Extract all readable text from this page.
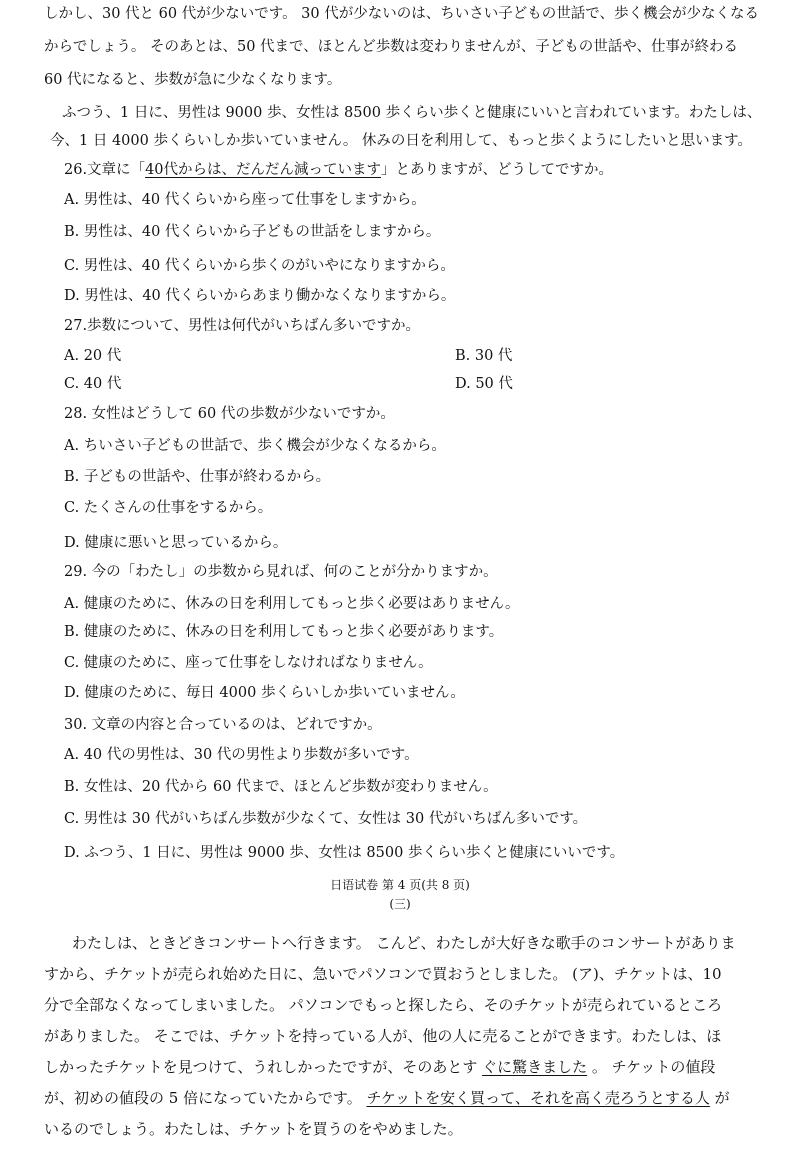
しかし、30 代と 60 代が少ないです。 30 代が少ないのは、ちいさい子どもの世話で、歩く機会が少なくなる
からでしょう。 そのあとは、50 代まで、ほとんど歩数は変わりませんが、子どもの世話や、仕事が終わる
60 代になると、歩数が急に少なくなります。
ふつう、1 日に、男性は 9000 歩、女性は 8500 歩くらい歩くと健康にいいと言われています。わたしは、
今、1 日 4000 歩くらいしか歩いていません。 休みの日を利用して、もっと歩くようにしたいと思います。
26.文章に「40代からは、だんだん減っています」とありますが、どうしてですか。
A. 男性は、40 代くらいから座って仕事をしますから。
B. 男性は、40 代くらいから子どもの世話をしますから。
C. 男性は、40 代くらいから歩くのがいやになりますから。
D. 男性は、40 代くらいからあまり働かなくなりますから。
27.歩数について、男性は何代がいちばん多いですか。
A. 20 代	B. 30 代
C. 40 代	D. 50 代
28. 女性はどうして 60 代の歩数が少ないですか。
A. ちいさい子どもの世話で、歩く機会が少なくなるから。
B. 子どもの世話や、仕事が終わるから。
C. たくさんの仕事をするから。
D. 健康に悪いと思っているから。
29. 今の「わたし」の歩数から見れば、何のことが分かりますか。
A. 健康のために、休みの日を利用してもっと歩く必要はありません。
B. 健康のために、休みの日を利用してもっと歩く必要があります。
C. 健康のために、座って仕事をしなければなりません。
D. 健康のために、毎日 4000 歩くらいしか歩いていません。
30. 文章の内容と合っているのは、どれですか。
A. 40 代の男性は、30 代の男性より歩数が多いです。
B. 女性は、20 代から 60 代まで、ほとんど歩数が変わりません。
C. 男性は 30 代がいちばん歩数が少なくて、女性は 30 代がいちばん多いです。
D. ふつう、1 日に、男性は 9000 歩、女性は 8500 歩くらい歩くと健康にいいです。
日语试卷 第 4 页(共 8 页)
(三)
わたしは、ときどきコンサートへ行きます。 こんど、わたしが大好きな歌手のコンサートがありま
すから、チケットが売られ始めた日に、急いでパソコンで買おうとしました。 (ア)、チケットは、10
分で全部なくなってしまいました。 パソコンでもっと探したら、そのチケットが売られているところ
がありました。 そこでは、チケットを持っている人が、他の人に売ることができます。わたしは、ほ
しかったチケットを見つけて、うれしかったですが、そのあとす ぐに驚きました 。 チケットの値段
が、初めの値段の 5 倍になっていたからです。 チケットを安く買って、それを高く売ろうとする人 が
いるのでしょう。わたしは、チケットを買うのをやめました。
